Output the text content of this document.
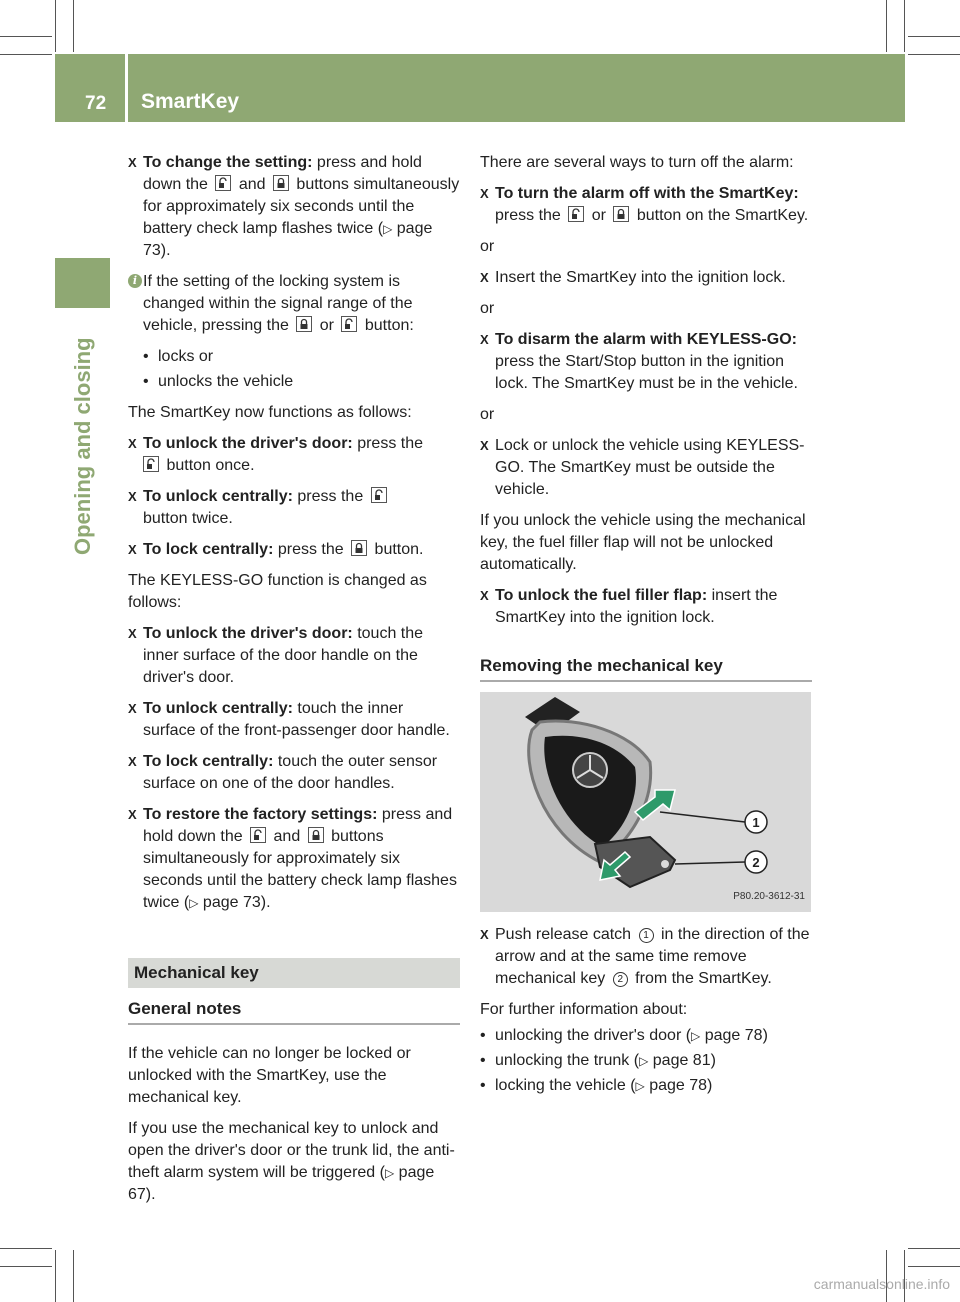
72 SmartKey
Opening and closing
X To change the setting: press and hold down the
and
buttons simultaneously for approximately six seconds until the battery check lamp flashes twice (▷ page 73).
i If the setting of the locking system is changed within the signal range of the vehicle, pressing the
or
button:
• locks or
• unlocks the vehicle

The SmartKey now functions as follows:

X To unlock the driver's door: press the

button once.
X To unlock centrally: press the

button twice.
X To lock centrally: press the
button.

The KEYLESS-GO function is changed as follows:

X To unlock the driver's door: touch the inner surface of the door handle on the driver's door.
X To unlock centrally: touch the inner surface of the front-passenger door handle.
X To lock centrally: touch the outer sensor surface on one of the door handles.
X To restore the factory settings: press and hold down the
and
buttons simultaneously for approximately six seconds until the battery check lamp flashes twice (▷ page 73).
Mechanical key
General notes

If the vehicle can no longer be locked or unlocked with the SmartKey, use the mechanical key.

If you use the mechanical key to unlock and open the driver's door or the trunk lid, the anti-theft alarm system will be triggered (▷ page 67).

There are several ways to turn off the alarm:

X To turn the alarm off with the SmartKey: press the
or
button on the SmartKey.

or

X Insert the SmartKey into the ignition lock.

or

X To disarm the alarm with KEYLESS-GO: press the Start/Stop button in the ignition lock. The SmartKey must be in the vehicle.

or

X Lock or unlock the vehicle using KEYLESS-GO. The SmartKey must be outside the vehicle.

If you unlock the vehicle using the mechanical key, the fuel filler flap will not be unlocked automatically.

X To unlock the fuel filler flap: insert the SmartKey into the ignition lock.
Removing the mechanical key
1
2
P80.20-3612-31
X Push release catch 1 in the direction of the arrow and at the same time remove mechanical key 2 from the SmartKey.

For further information about:

• unlocking the driver's door (▷ page 78)
• unlocking the trunk (▷ page 81)
• locking the vehicle (▷ page 78)
carmanualsonline.info
